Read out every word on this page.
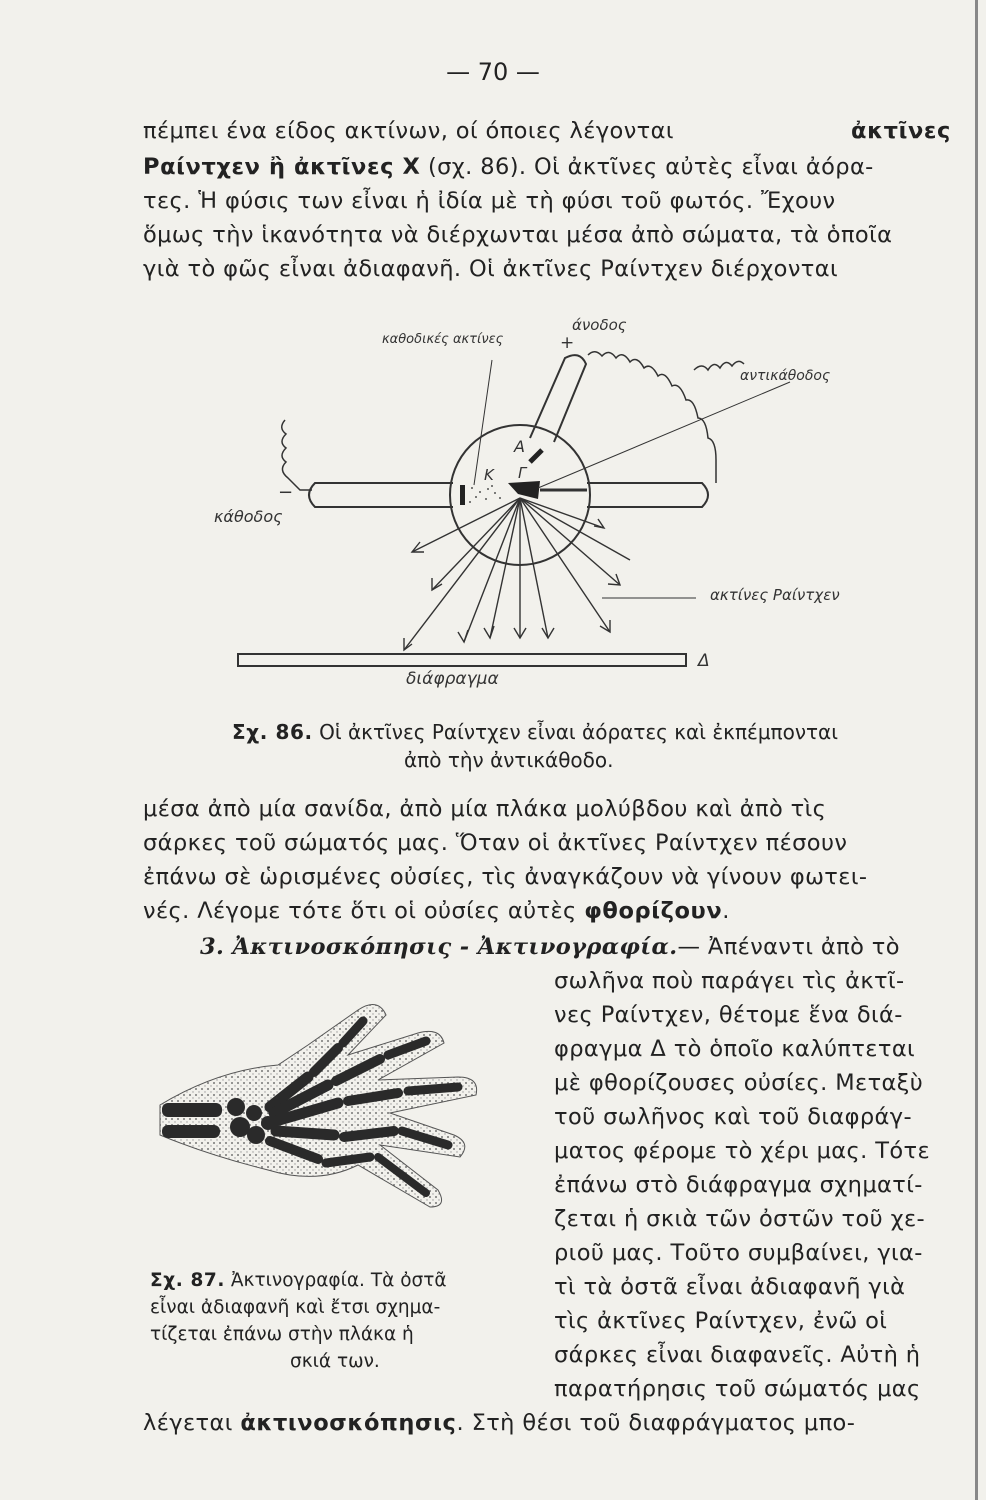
— 70 —
πέμπει ένα είδος ακτίνων, οί όποιες λέγονται	ἀκτῖνες
Ραίντχεν ἢ ἀκτῖνες Χ (σχ. 86). Οἱ ἀκτῖνες αὐτὲς εἶναι ἀόρα-
τες. Ἡ φύσις των εἶναι ἡ ἰδία μὲ τὴ φύσι τοῦ φωτός. Ἔχουν
ὅμως τὴν ἱκανότητα νὰ διέρχωνται μέσα ἀπὸ σώματα, τὰ ὁποῖα
γιὰ τὸ φῶς εἶναι ἀδιαφανῆ. Οἱ ἀκτῖνες Ραίντχεν διέρχονται
καθοδικές ακτίνες
άνοδος
+
αντικάθοδος
κάθοδος
−
Α
Κ Γ
ακτίνες Ραίντχεν
Δ
διάφραγμα
Σχ. 86. Οἱ ἀκτῖνες Ραίντχεν εἶναι ἀόρατες καὶ ἐκπέμπονται
ἀπὸ τὴν ἀντικάθοδο.
μέσα ἀπὸ μία σανίδα, ἀπὸ μία πλάκα μολύβδου καὶ ἀπὸ τὶς
σάρκες τοῦ σώματός μας. Ὅταν οἱ ἀκτῖνες Ραίντχεν πέσουν
ἐπάνω σὲ ὡρισμένες οὐσίες, τὶς ἀναγκάζουν νὰ γίνουν φωτει-
νές. Λέγομε τότε ὅτι οἱ οὐσίες αὐτὲς φθορίζουν.
3. Ἀκτινοσκόπησις - Ἀκτινογραφία.— Ἀπέναντι ἀπὸ τὸ
σωλῆνα ποὺ παράγει τὶς ἀκτῖ-
νες Ραίντχεν, θέτομε ἕνα διά-
φραγμα Δ τὸ ὁποῖο καλύπτεται
μὲ φθορίζουσες οὐσίες. Μεταξὺ
τοῦ σωλῆνος καὶ τοῦ διαφράγ-
ματος φέρομε τὸ χέρι μας. Τότε
ἐπάνω στὸ διάφραγμα σχηματί-
ζεται ἡ σκιὰ τῶν ὀστῶν τοῦ χε-
ριοῦ μας. Τοῦτο συμβαίνει, για-
τὶ τὰ ὀστᾶ εἶναι ἀδιαφανῆ γιὰ
τὶς ἀκτῖνες Ραίντχεν, ἐνῶ οἱ
σάρκες εἶναι διαφανεῖς. Αὐτὴ ἡ
παρατήρησις τοῦ σώματός μας
Σχ. 87. Ἀκτινογραφία. Τὰ ὀστᾶ
εἶναι ἀδιαφανῆ καὶ ἔτσι σχημα-
τίζεται ἐπάνω στὴν πλάκα ἡ
σκιά των.
λέγεται ἀκτινοσκόπησις. Στὴ θέσι τοῦ διαφράγματος μπο-
